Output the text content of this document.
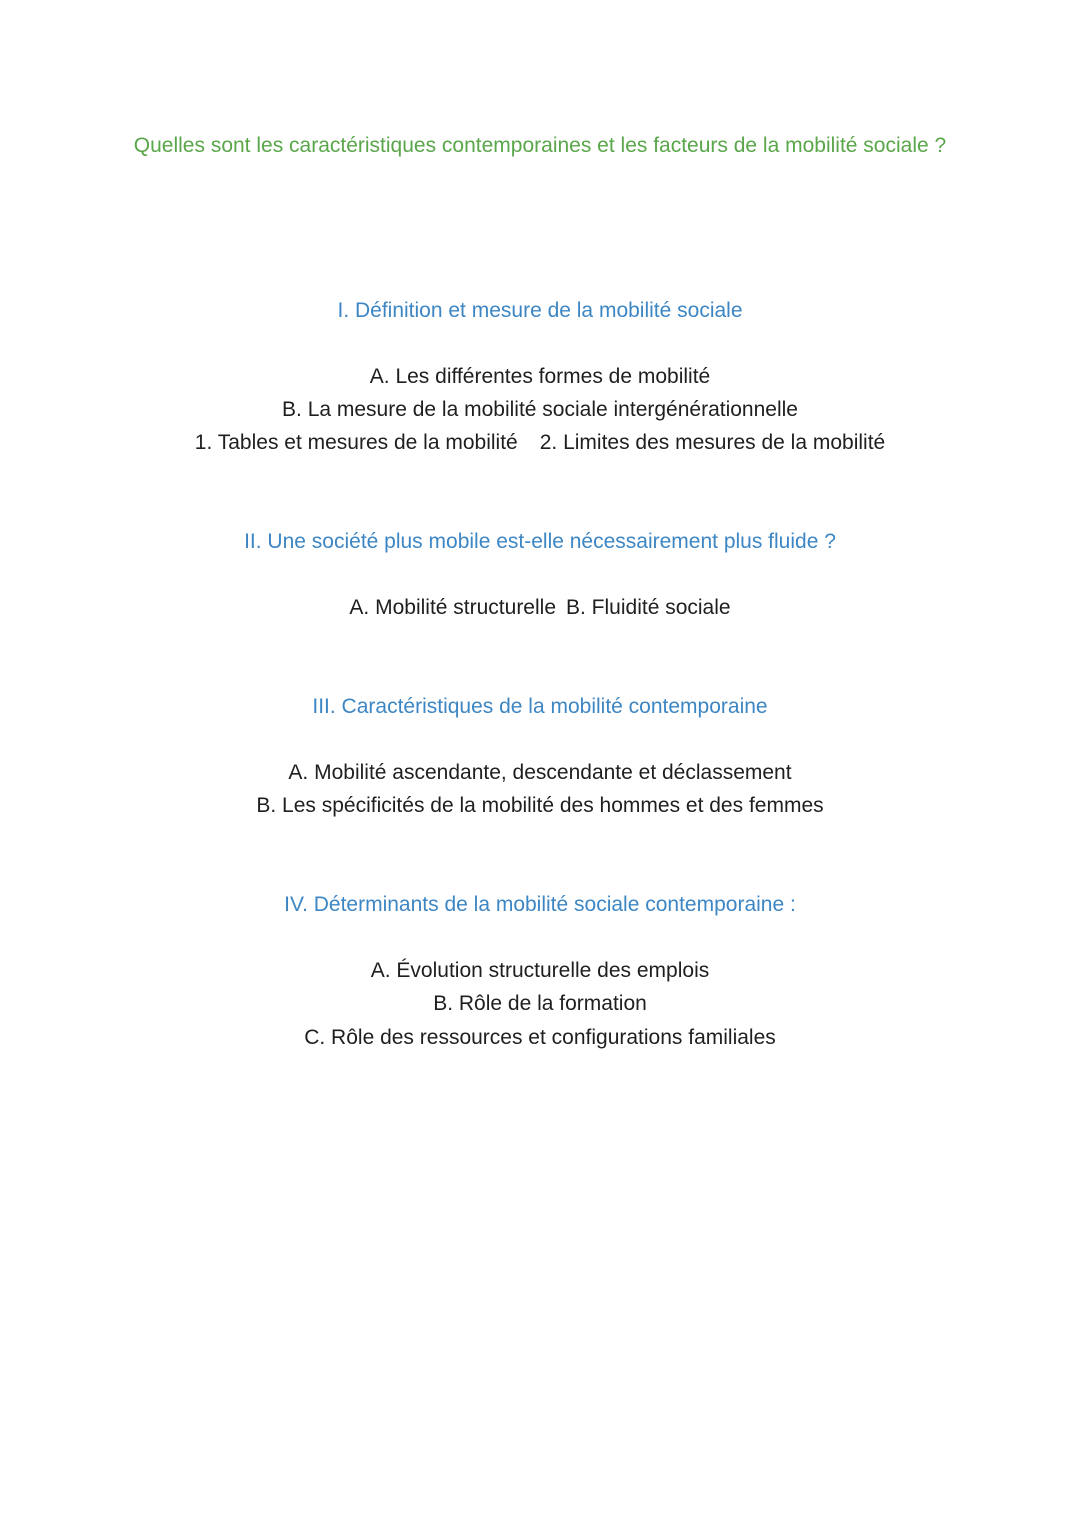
Quelles sont les caractéristiques contemporaines et les facteurs de la mobilité sociale ?
I. Définition et mesure de la mobilité sociale
A. Les différentes formes de mobilité
B. La mesure de la mobilité sociale intergénérationnelle
1. Tables et mesures de la mobilité 2. Limites des mesures de la mobilité
II. Une société plus mobile est-elle nécessairement plus fluide ?
A. Mobilité structurelle B. Fluidité sociale
III. Caractéristiques de la mobilité contemporaine
A. Mobilité ascendante, descendante et déclassement
B. Les spécificités de la mobilité des hommes et des femmes
IV. Déterminants de la mobilité sociale contemporaine :
A. Évolution structurelle des emplois
B. Rôle de la formation
C. Rôle des ressources et configurations familiales
